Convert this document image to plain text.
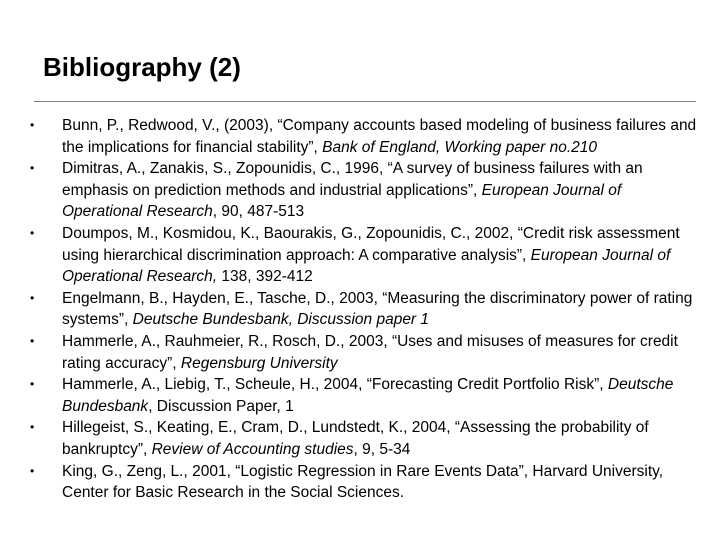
Bibliography (2)
•	Bunn, P., Redwood, V., (2003), “Company accounts based modeling of business failures and the implications for financial stability”, Bank of England, Working paper no.210
•	Dimitras, A., Zanakis, S., Zopounidis, C., 1996, “A survey of business failures with an emphasis on prediction methods and industrial applications”, European Journal of Operational Research, 90, 487-513
•	Doumpos, M., Kosmidou, K., Baourakis, G., Zopounidis, C., 2002, “Credit risk assessment using hierarchical discrimination approach: A comparative analysis”, European Journal of Operational Research, 138, 392-412
•	Engelmann, B., Hayden, E., Tasche, D., 2003, “Measuring the discriminatory power of rating systems”, Deutsche Bundesbank, Discussion paper 1
•	Hammerle, A., Rauhmeier, R., Rosch, D., 2003, “Uses and misuses of measures for credit rating accuracy”, Regensburg University
•	Hammerle, A., Liebig, T., Scheule, H., 2004, “Forecasting Credit Portfolio Risk”, Deutsche Bundesbank, Discussion Paper, 1
•	Hillegeist, S., Keating, E., Cram, D., Lundstedt, K., 2004, “Assessing the probability of bankruptcy”, Review of Accounting studies, 9, 5-34
•	King, G., Zeng, L., 2001, “Logistic Regression in Rare Events Data”, Harvard University, Center for Basic Research in the Social Sciences.
